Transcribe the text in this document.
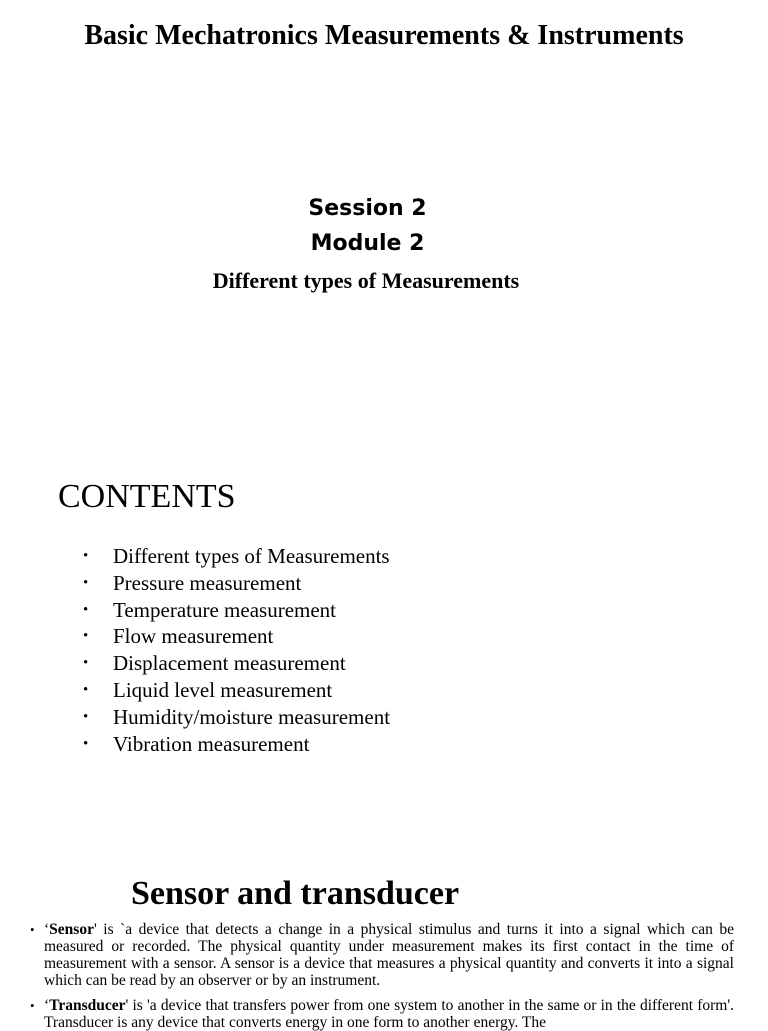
Basic Mechatronics Measurements & Instruments
Session 2
Module 2
Different types of Measurements
CONTENTS
• Different types of Measurements
• Pressure measurement
• Temperature measurement
• Flow measurement
• Displacement measurement
• Liquid level measurement
• Humidity/moisture measurement
• Vibration measurement
Sensor and transducer
• ‘Sensor' is `a device that detects a change in a physical stimulus and turns it into a signal which can be measured or recorded. The physical quantity under measurement makes its first contact in the time of measurement with a sensor. A sensor is a device that measures a physical quantity and converts it into a signal which can be read by an observer or by an instrument.
• ‘Transducer' is 'a device that transfers power from one system to another in the same or in the different form'. Transducer is any device that converts energy in one form to another energy. The
